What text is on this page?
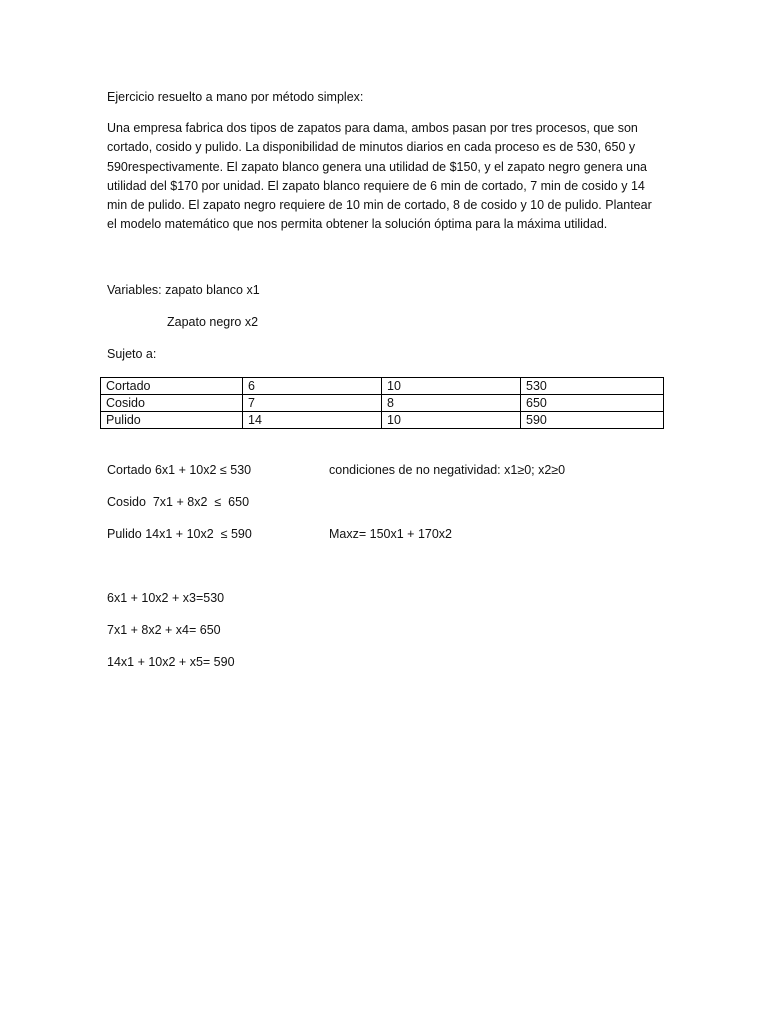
Ejercicio resuelto a mano por método simplex:
Una empresa fabrica dos tipos de zapatos para dama, ambos pasan por tres procesos, que son
cortado, cosido y pulido. La disponibilidad de minutos diarios en cada proceso es de 530, 650 y
590respectivamente. El zapato blanco genera una utilidad de $150, y el zapato negro genera una
utilidad del $170 por unidad. El zapato blanco requiere de 6 min de cortado, 7 min de cosido y 14
min de pulido. El zapato negro requiere de 10 min de cortado, 8 de cosido y 10 de pulido. Plantear
el modelo matemático que nos permita obtener la solución óptima para la máxima utilidad.
Variables: zapato blanco x1
Zapato negro x2
Sujeto a:
Cortado	6	10	530
Cosido	7	8	650
Pulido	14	10	590
Cortado 6x1 + 10x2 ≤ 530	condiciones de no negatividad: x1≥0; x2≥0
Cosido  7x1 + 8x2  ≤  650
Pulido 14x1 + 10x2  ≤ 590	Maxz= 150x1 + 170x2
6x1 + 10x2 + x3=530
7x1 + 8x2 + x4= 650
14x1 + 10x2 + x5= 590
